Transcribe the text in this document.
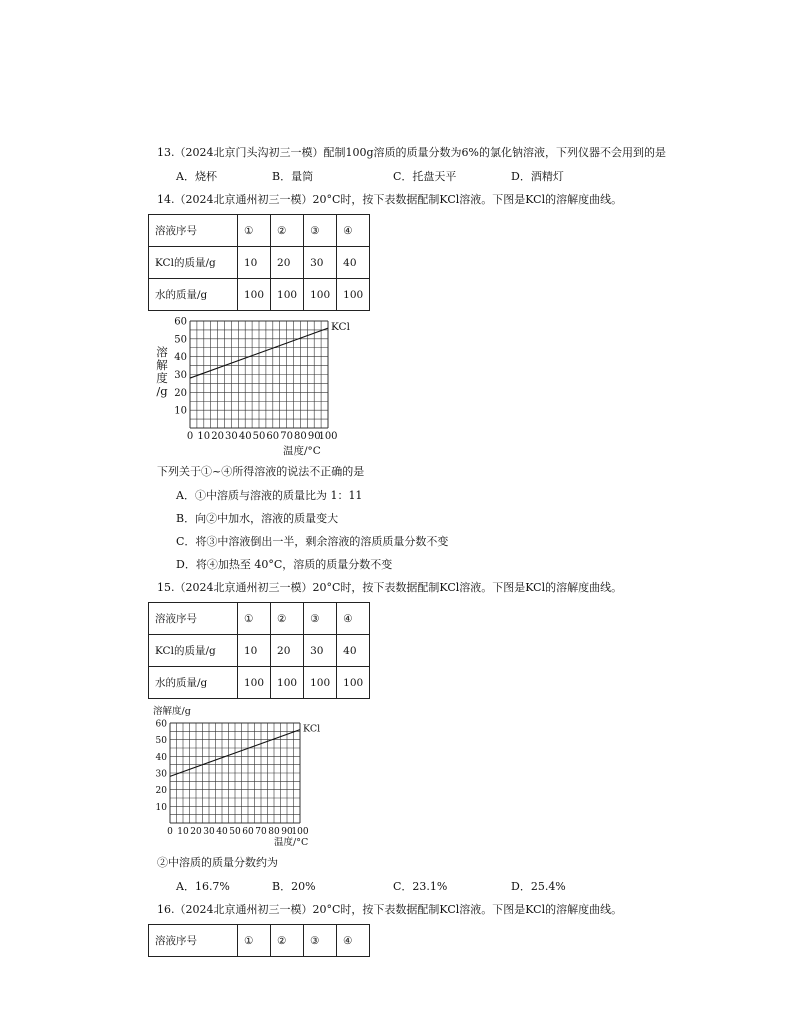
13.（2024北京门头沟初三一模）配制100g溶质的质量分数为6%的氯化钠溶液，下列仪器不会用到的是
A．烧杯	B．量筒	C．托盘天平	D．酒精灯
14.（2024北京通州初三一模）20°C时，按下表数据配制KCl溶液。下图是KCl的溶解度曲线。
溶液序号	①	②	③	④
KCl的质量/g	10	20	30	40
水的质量/g	100	100	100	100
0 10 20 30 40 50 60 70 80 90
100
10
20
30
40
50
60	KCl
溶
解
度
/g
温度/°C
下列关于①~④所得溶液的说法不正确的是
A．①中溶质与溶液的质量比为 1：11
B．向②中加水，溶液的质量变大
C．将③中溶液倒出一半，剩余溶液的溶质质量分数不变
D．将④加热至 40°C，溶质的质量分数不变
15.（2024北京通州初三一模）20°C时，按下表数据配制KCl溶液。下图是KCl的溶解度曲线。
溶液序号	①	②	③	④
KCl的质量/g	10	20	30	40
水的质量/g	100	100	100	100
0 10 20 30 40 50 60 70 80 90
100
10
20
30
40
50
60	KCl
溶解度/g
温度/°C
②中溶质的质量分数约为
A．16.7%	B．20%	C．23.1%	D．25.4%
16.（2024北京通州初三一模）20°C时，按下表数据配制KCl溶液。下图是KCl的溶解度曲线。
溶液序号	①	②	③	④
